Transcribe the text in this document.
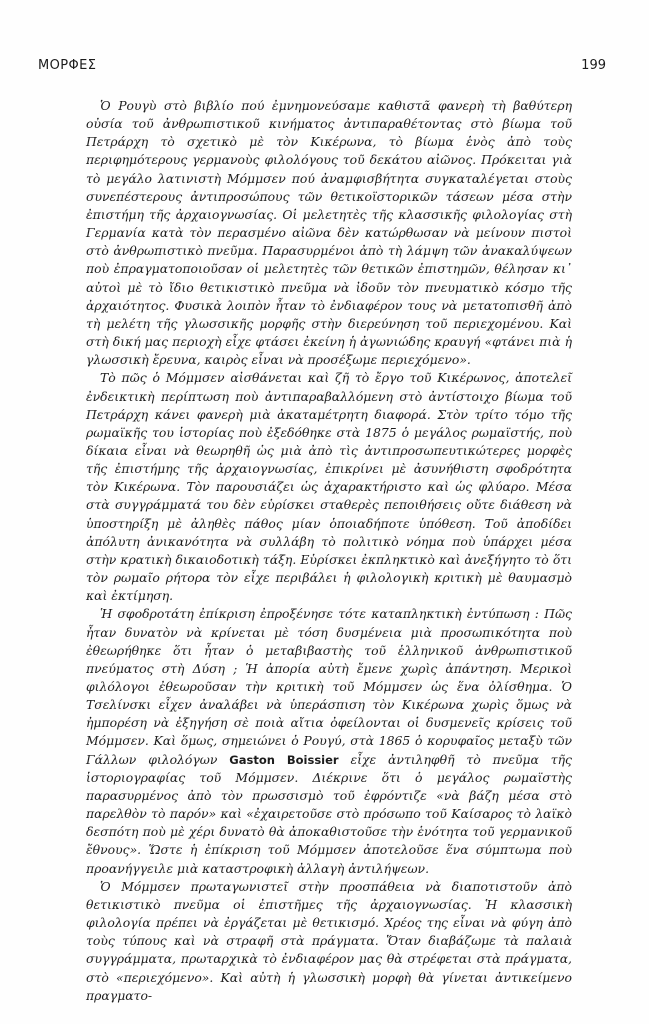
ΜΟΡΦΕΣ	199

Ὁ Ρουγὺ στὸ βιβλίο πού ἐμνημονεύσαμε καθιστᾶ φανερὴ τὴ βαθύτερη οὐσία τοῦ ἀνθρωπιστικοῦ κινήματος ἀντιπαραθέτοντας στὸ βίωμα τοῦ Πετράρχη τὸ σχετικὸ μὲ τὸν Κικέρωνα, τὸ βίωμα ἑνὸς ἀπὸ τοὺς περιφημότερους γερμανοὺς φιλολόγους τοῦ δεκάτου αἰῶνος. Πρόκειται γιὰ τὸ μεγάλο λατινιστὴ Μόμμσεν πού ἀναμφισβήτητα συγκαταλέγεται στοὺς συνεπέστερους ἀντιπροσώπους τῶν θετικοϊστορικῶν τάσεων μέσα στὴν ἐπιστήμη τῆς ἀρχαιογνωσίας. Οἱ μελετητὲς τῆς κλασσικῆς φιλολογίας στὴ Γερμανία κατὰ τὸν περασμένο αἰῶνα δὲν κατώρθωσαν νὰ μείνουν πιστοὶ στὸ ἀνθρωπιστικὸ πνεῦμα. Παρασυρμένοι ἀπὸ τὴ λάμψη τῶν ἀνακαλύψεων ποὺ ἐπραγματοποιοῦσαν οἱ μελετητὲς τῶν θετικῶν ἐπιστημῶν, θέλησαν κι᾽ αὐτοὶ μὲ τὸ ἴδιο θετικιστικὸ πνεῦμα νὰ ἰδοῦν τὸν πνευματικὸ κόσμο τῆς ἀρχαιότητος. Φυσικὰ λοιπὸν ἦταν τὸ ἐνδιαφέρον τους νὰ μετατοπισθῆ ἀπὸ τὴ μελέτη τῆς γλωσσικῆς μορφῆς στὴν διερεύνηση τοῦ περιεχομένου. Καὶ στὴ δική μας περιοχὴ εἶχε φτάσει ἐκείνη ἡ ἀγωνιώδης κραυγή «φτάνει πιὰ ἡ γλωσσικὴ ἔρευνα, καιρὸς εἶναι νὰ προσέξωμε περιεχόμενο».

Τὸ πῶς ὁ Μόμμσεν αἰσθάνεται καὶ ζῆ τὸ ἔργο τοῦ Κικέρωνος, ἀποτελεῖ ἐνδεικτικὴ περίπτωση ποὺ ἀντιπαραβαλλόμενη στὸ ἀντίστοιχο βίωμα τοῦ Πετράρχη κάνει φανερὴ μιὰ ἀκαταμέτρητη διαφορά. Στὸν τρίτο τόμο τῆς ρωμαϊκῆς του ἱστορίας ποὺ ἐξεδόθηκε στὰ 1875 ὁ μεγάλος ρωμαϊστής, ποὺ δίκαια εἶναι νὰ θεωρηθῆ ὡς μιὰ ἀπὸ τὶς ἀντιπροσωπευτικώτερες μορφὲς τῆς ἐπιστήμης τῆς ἀρχαιογνωσίας, ἐπικρίνει μὲ ἀσυνήθιστη σφοδρότητα τὸν Κικέρωνα. Τὸν παρουσιάζει ὡς ἀχαρακτήριστο καὶ ὡς φλύαρο. Μέσα στὰ συγγράμματά του δὲν εὑρίσκει σταθερὲς πεποιθήσεις οὔτε διάθεση νὰ ὑποστηρίξη μὲ ἀληθὲς πάθος μίαν ὁποιαδήποτε ὑπόθεση. Τοῦ ἀποδίδει ἀπόλυτη ἀνικανότητα νὰ συλλάβη τὸ πολιτικὸ νόημα ποὺ ὑπάρχει μέσα στὴν κρατικὴ δικαιοδοτικὴ τάξη. Εὑρίσκει ἐκπληκτικὸ καὶ ἀνεξήγητο τὸ ὅτι τὸν ρωμαῖο ρήτορα τὸν εἶχε περιβάλει ἡ φιλολογικὴ κριτικὴ μὲ θαυμασμὸ καὶ ἐκτίμηση.

Ἡ σφοδροτάτη ἐπίκριση ἐπροξένησε τότε καταπληκτικὴ ἐντύπωση : Πῶς ἦταν δυνατὸν νὰ κρίνεται μὲ τόση δυσμένεια μιὰ προσωπικότητα ποὺ ἐθεωρήθηκε ὅτι ἦταν ὁ μεταβιβαστὴς τοῦ ἑλληνικοῦ ἀνθρωπιστικοῦ πνεύματος στὴ Δύση ; Ἡ ἀπορία αὐτὴ ἔμενε χωρὶς ἀπάντηση. Μερικοὶ φιλόλογοι ἐθεωροῦσαν τὴν κριτικὴ τοῦ Μόμμσεν ὡς ἕνα ὀλίσθημα. Ὁ Τσελίνσκι εἶχεν ἀναλάβει νὰ ὑπεράσπιση τὸν Κικέρωνα χωρὶς ὅμως νὰ ἠμπορέση νὰ ἐξηγήση σὲ ποιὰ αἴτια ὀφείλονται οἱ δυσμενεῖς κρίσεις τοῦ Μόμμσεν. Καὶ ὅμως, σημειώνει ὁ Ρουγύ, στὰ 1865 ὁ κορυφαῖος μεταξὺ τῶν Γάλλων φιλολόγων Gaston Boissier εἶχε ἀντιληφθῆ τὸ πνεῦμα τῆς ἱστοριογραφίας τοῦ Μόμμσεν. Διέκρινε ὅτι ὁ μεγάλος ρωμαϊστὴς παρασυρμένος ἀπὸ τὸν πρωσσισμὸ τοῦ ἐφρόντιζε «νὰ βάζη μέσα στὸ παρελθὸν τὸ παρόν» καὶ «ἐχαιρετοῦσε στὸ πρόσωπο τοῦ Καίσαρος τὸ λαϊκὸ δεσπότη ποὺ μὲ χέρι δυνατὸ θὰ ἀποκαθιστοῦσε τὴν ἑνότητα τοῦ γερμανικοῦ ἔθνους». Ὥστε ἡ ἐπίκριση τοῦ Μόμμσεν ἀποτελοῦσε ἕνα σύμπτωμα ποὺ προανήγγειλε μιὰ καταστροφικὴ ἀλλαγὴ ἀντιλήψεων.

Ὁ Μόμμσεν πρωταγωνιστεῖ στὴν προσπάθεια νὰ διαποτιστοῦν ἀπὸ θετικιστικὸ πνεῦμα οἱ ἐπιστῆμες τῆς ἀρχαιογνωσίας. Ἡ κλασσικὴ φιλολογία πρέπει νὰ ἐργάζεται μὲ θετικισμό. Χρέος της εἶναι νὰ φύγη ἀπὸ τοὺς τύπους καὶ νὰ στραφῆ στὰ πράγματα. Ὅταν διαβάζωμε τὰ παλαιὰ συγγράμματα, πρωταρχικὰ τὸ ἐνδιαφέρον μας θὰ στρέφεται στὰ πράγματα, στὸ «περιεχόμενο». Καὶ αὐτὴ ἡ γλωσσικὴ μορφὴ θὰ γίνεται ἀντικείμενο πραγματο-
